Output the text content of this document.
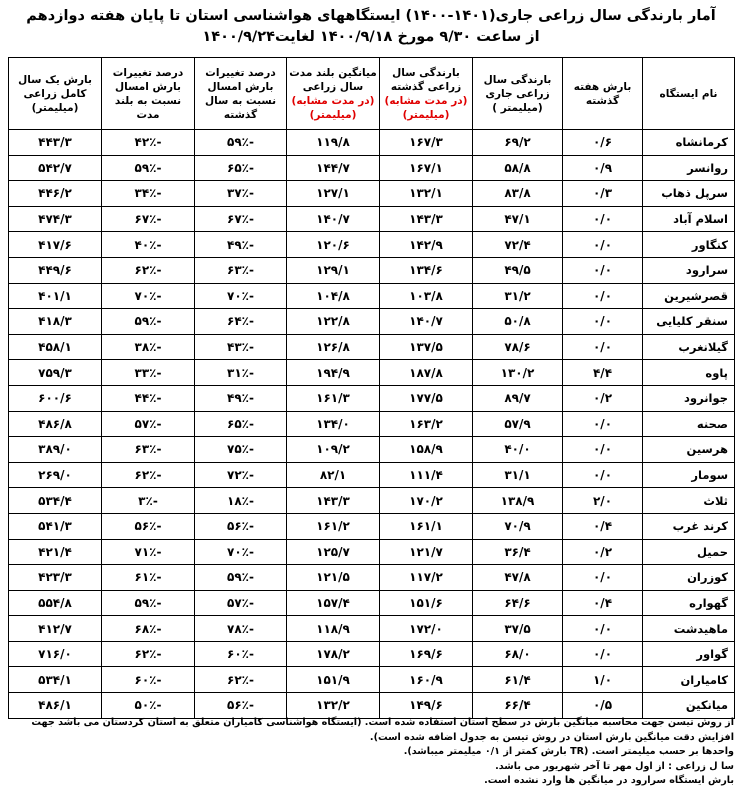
آمار بارندگی سال زراعی جاری(۱۴۰۱-۱۴۰۰) ایستگاههای هواشناسی استان تا پایان هفته دوازدهم
از ساعت ۹/۳۰ مورخ ۱۴۰۰/۹/۱۸ لغایت۱۴۰۰/۹/۲۴
نام ایستگاه	بارش هفته گذشته	بارندگی سال زراعی جاری (میلیمتر )	بارندگی سال زراعی گذشته
(در مدت مشابه) (میلیمتر)	میانگین بلند مدت سال زراعی
(در مدت مشابه) (میلیمتر)	درصد تغییرات بارش امسال نسبت به سال گذشته	درصد تغییرات بارش امسال نسبت به بلند مدت	بارش یک سال کامل زراعی (میلیمتر)
کرمانشاه	۰/۶	۶۹/۲	۱۶۷/۳	۱۱۹/۸	-۵۹٪	-۴۲٪	۴۴۳/۳
روانسر	۰/۹	۵۸/۸	۱۶۷/۱	۱۴۴/۷	-۶۵٪	-۵۹٪	۵۴۲/۷
سرپل ذهاب	۰/۳	۸۳/۸	۱۳۲/۱	۱۲۷/۱	-۳۷٪	-۳۴٪	۴۴۶/۲
اسلام آباد	۰/۰	۴۷/۱	۱۴۳/۳	۱۴۰/۷	-۶۷٪	-۶۷٪	۴۷۴/۳
کنگاور	۰/۰	۷۲/۴	۱۴۲/۹	۱۲۰/۶	-۴۹٪	-۴۰٪	۴۱۷/۶
سرارود	۰/۰	۴۹/۵	۱۳۴/۶	۱۲۹/۱	-۶۳٪	-۶۲٪	۴۴۹/۶
قصرشیرین	۰/۰	۳۱/۲	۱۰۳/۸	۱۰۴/۸	-۷۰٪	-۷۰٪	۴۰۱/۱
سنقر کلیایی	۰/۰	۵۰/۸	۱۴۰/۷	۱۲۲/۸	-۶۴٪	-۵۹٪	۴۱۸/۳
گیلانغرب	۰/۰	۷۸/۶	۱۳۷/۵	۱۲۶/۸	-۴۳٪	-۳۸٪	۴۵۸/۱
پاوه	۴/۴	۱۳۰/۲	۱۸۷/۸	۱۹۴/۹	-۳۱٪	-۳۳٪	۷۵۹/۳
جوانرود	۰/۲	۸۹/۷	۱۷۷/۵	۱۶۱/۳	-۴۹٪	-۴۴٪	۶۰۰/۶
صحنه	۰/۰	۵۷/۹	۱۶۳/۲	۱۳۴/۰	-۶۵٪	-۵۷٪	۴۸۶/۸
هرسین	۰/۰	۴۰/۰	۱۵۸/۹	۱۰۹/۲	-۷۵٪	-۶۳٪	۳۸۹/۰
سومار	۰/۰	۳۱/۱	۱۱۱/۴	۸۲/۱	-۷۲٪	-۶۲٪	۲۶۹/۰
ثلاث	۲/۰	۱۳۸/۹	۱۷۰/۲	۱۴۳/۳	-۱۸٪	-۳٪	۵۳۴/۴
کرند غرب	۰/۴	۷۰/۹	۱۶۱/۱	۱۶۱/۲	-۵۶٪	-۵۶٪	۵۴۱/۳
حمیل	۰/۲	۳۶/۴	۱۲۱/۷	۱۲۵/۷	-۷۰٪	-۷۱٪	۴۲۱/۴
کوزران	۰/۰	۴۷/۸	۱۱۷/۲	۱۲۱/۵	-۵۹٪	-۶۱٪	۴۲۳/۳
گهواره	۰/۴	۶۴/۶	۱۵۱/۶	۱۵۷/۴	-۵۷٪	-۵۹٪	۵۵۴/۸
ماهیدشت	۰/۰	۳۷/۵	۱۷۲/۰	۱۱۸/۹	-۷۸٪	-۶۸٪	۴۱۲/۷
گواور	۰/۰	۶۸/۰	۱۶۹/۶	۱۷۸/۲	-۶۰٪	-۶۲٪	۷۱۶/۰
کامیاران	۱/۰	۶۱/۴	۱۶۰/۹	۱۵۱/۹	-۶۲٪	-۶۰٪	۵۳۴/۱
میانکین	۰/۵	۶۶/۴	۱۴۹/۶	۱۳۲/۲	-۵۶٪	-۵۰٪	۴۸۶/۱

از روش تیسن جهت محاسبه میانگین بارش در سطح استان استفاده شده است. (ایستگاه هواشناسی کامیاران متعلق به استان کردستان می باشد جهت افزایش دقت میانگین بارش استان در روش تیسن به جدول اضافه شده است).

واحدها بر حسب میلیمتر است. (TR بارش کمتر از ۰/۱ میلیمتر میباشد).

سا ل زراعی : از اول مهر تا آخر شهریور می باشد.

بارش ایستگاه سرارود در میانگین ها وارد نشده است.
